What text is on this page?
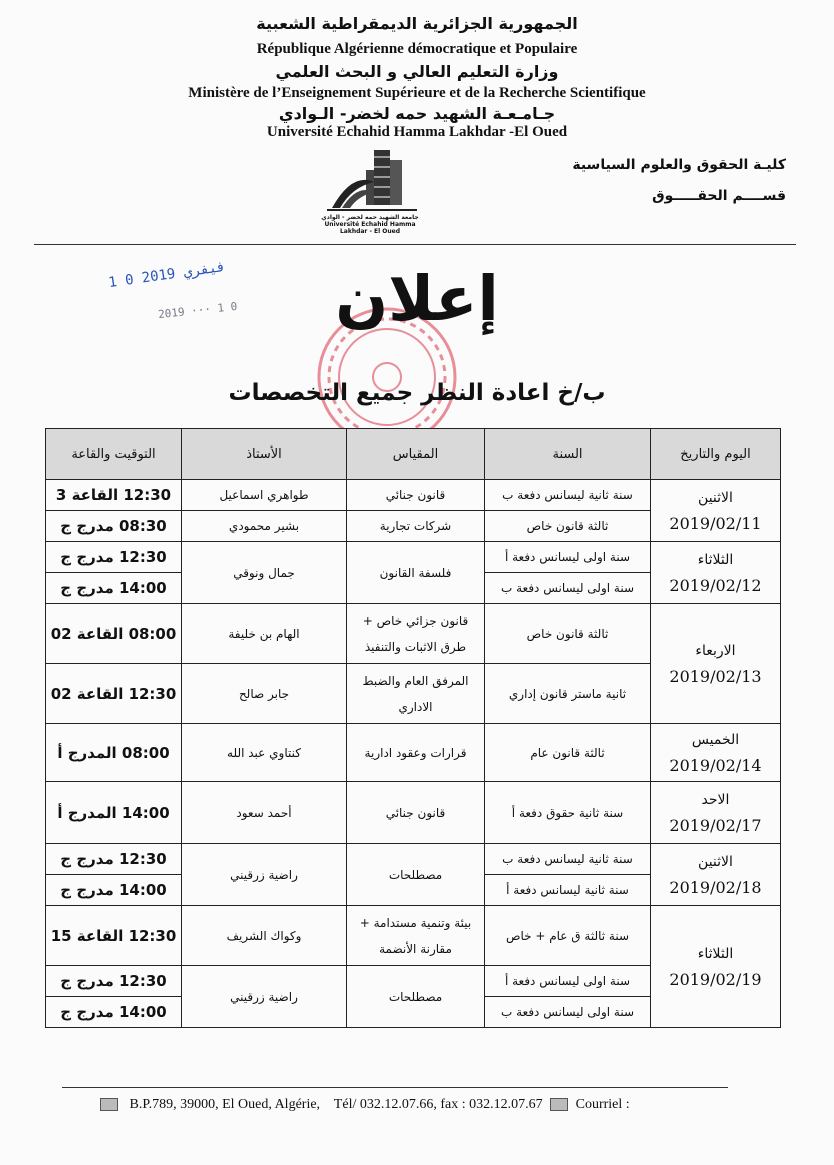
الجمهورية الجزائرية الديمقراطية الشعبية
République Algérienne démocratique et Populaire
وزارة التعليم العالي و البحث العلمي
Ministère de l’Enseignement Supérieure et de la Recherche Scientifique
جـامـعـة الشهيد حمه لخضر- الـوادي
Université Echahid Hamma Lakhdar -El Oued
كليـة الحقوق والعلوم السياسية
قســــم الحقـــــوق
جامعة الشهيد حمه لخضر - الوادي
Université Echahid Hamma Lakhdar - El Oued
1 0 فيفري 2019
2019 ··· 1 0	إعلان
ب/خ اعادة النظر جميع التخصصات
اليوم والتاريخ	السنة	المقياس	الأستاذ	التوقيت والقاعة

الاثنين
2019/02/11	سنة ثانية ليسانس دفعة ب	قانون جنائي	طواهري اسماعيل	12:30 القاعة 3
	ثالثة قانون خاص	شركات تجارية	بشير محمودي	08:30 مدرج ج

الثلاثاء
2019/02/12	سنة اولى ليسانس دفعة أ	فلسفة القانون	جمال ونوقي	12:30 مدرج ج
	سنة اولى ليسانس دفعة ب			14:00 مدرج ج

الاربعاء
2019/02/13	ثالثة قانون خاص	قانون جزائي خاص + طرق الاثبات والتنفيذ	الهام بن خليفة	08:00 القاعة 02
	ثانية ماستر قانون إداري	المرفق العام والضبط الاداري	جابر صالح	12:30 القاعة 02

الخميس
2019/02/14	ثالثة قانون عام	قرارات وعقود ادارية	كنتاوي عبد الله	08:00 المدرج أ

الاحد
2019/02/17	سنة ثانية حقوق دفعة أ	قانون جنائي	أحمد سعود	14:00 المدرج أ

الاثنين
2019/02/18	سنة ثانية ليسانس دفعة ب	مصطلحات	راضية زرقيني	12:30 مدرج ج
	سنة ثانية ليسانس دفعة أ			14:00 مدرج ج

الثلاثاء
2019/02/19	سنة ثالثة ق عام + خاص	بيئة وتنمية مستدامة + مقارنة الأنضمة	وكواك الشريف	12:30 القاعة 15
	سنة اولى ليسانس دفعة أ	مصطلحات	راضية زرقيني	12:30 مدرج ج
	سنة اولى ليسانس دفعة ب			14:00 مدرج ج
B.P.789, 39000, El Oued, Algérie, Tél/ 032.12.07.66, fax : 032.12.07.67 Courriel :
